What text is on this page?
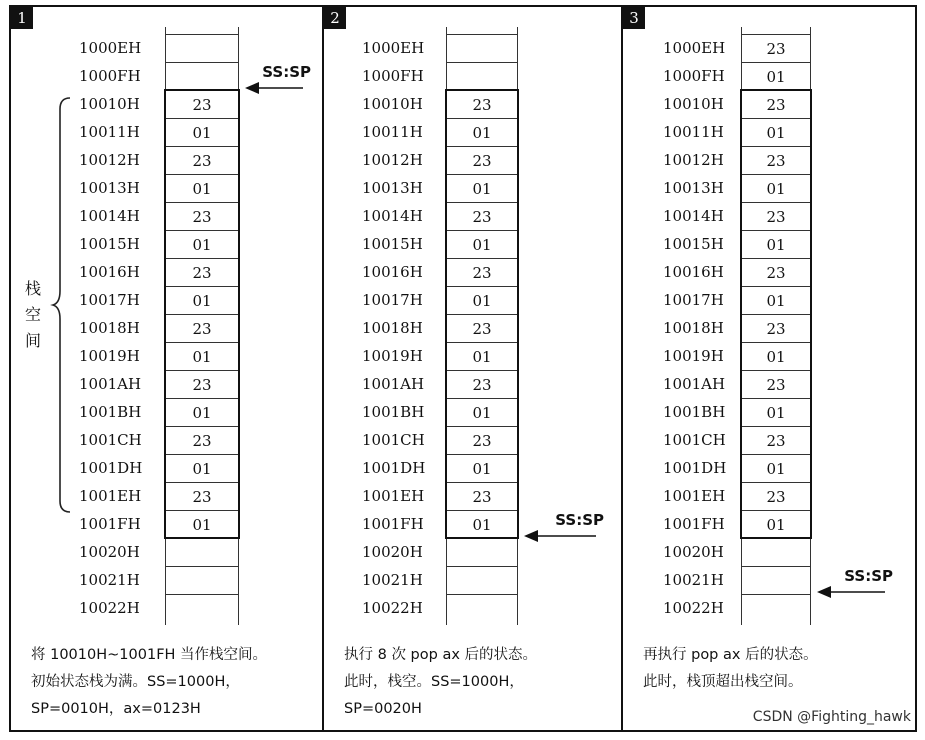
1
1000EH
1000FH
10010H	23
10011H	01
10012H	23
10013H	01
10014H	23
10015H	01
10016H	23
10017H	01
10018H	23
10019H	01
1001AH	23
1001BH	01
1001CH	23
1001DH	01
1001EH	23
1001FH	01
10020H
10021H
10022H
SS:SP
将 10010H~1001FH 当作栈空间。
初始状态栈为满。SS=1000H，
SP=0010H，ax=0123H
2
1000EH
1000FH
10010H	23
10011H	01
10012H	23
10013H	01
10014H	23
10015H	01
10016H	23
10017H	01
10018H	23
10019H	01
1001AH	23
1001BH	01
1001CH	23
1001DH	01
1001EH	23
1001FH	01
10020H
10021H
10022H
SS:SP
执行 8 次 pop ax 后的状态。
此时，栈空。SS=1000H，
SP=0020H
3
1000EH	23
1000FH	01
10010H	23
10011H	01
10012H	23
10013H	01
10014H	23
10015H	01
10016H	23
10017H	01
10018H	23
10019H	01
1001AH	23
1001BH	01
1001CH	23
1001DH	01
1001EH	23
1001FH	01
10020H
10021H
10022H
SS:SP
再执行 pop ax 后的状态。
此时，栈顶超出栈空间。
栈
空
间
CSDN @Fighting_hawk
